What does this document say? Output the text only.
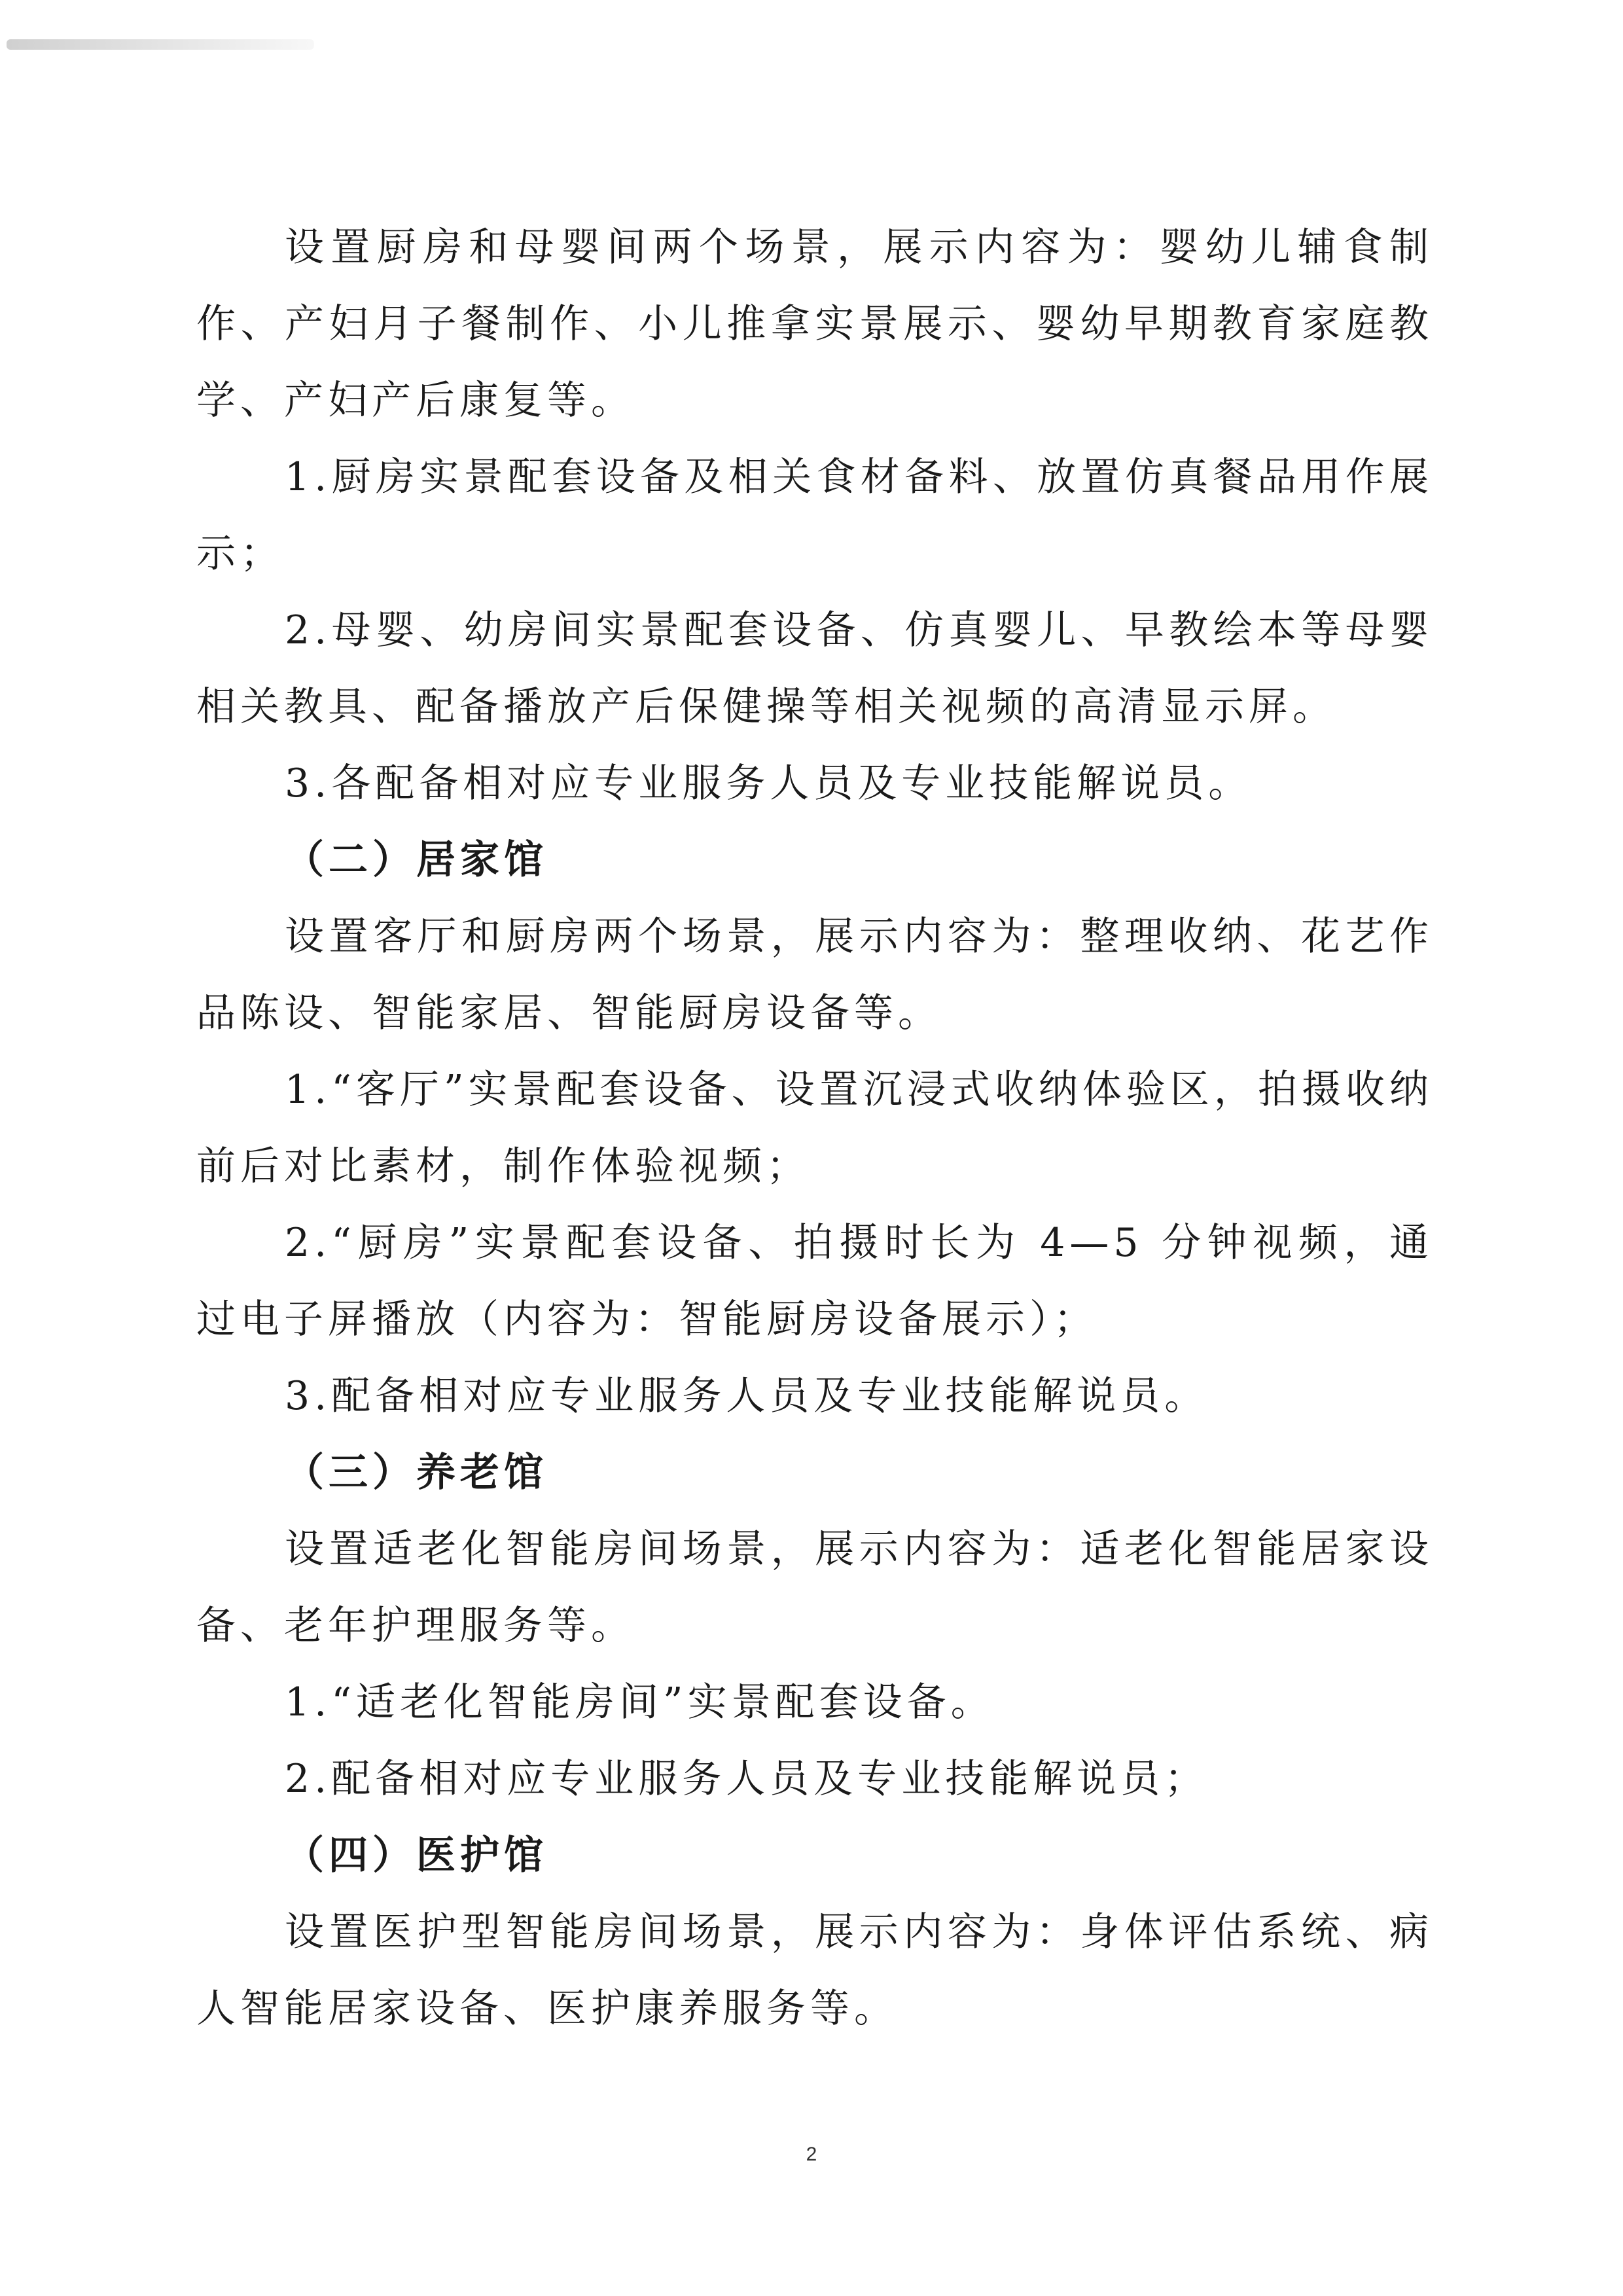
设置厨房和母婴间两个场景，展示内容为：婴幼儿辅食制作、产妇月子餐制作、小儿推拿实景展示、婴幼早期教育家庭教学、产妇产后康复等。

1.厨房实景配套设备及相关食材备料、放置仿真餐品用作展示；

2.母婴、幼房间实景配套设备、仿真婴儿、早教绘本等母婴相关教具、配备播放产后保健操等相关视频的高清显示屏。

3.各配备相对应专业服务人员及专业技能解说员。

（二）居家馆

设置客厅和厨房两个场景，展示内容为：整理收纳、花艺作品陈设、智能家居、智能厨房设备等。

1.“客厅”实景配套设备、设置沉浸式收纳体验区，拍摄收纳前后对比素材，制作体验视频；

2.“厨房”实景配套设备、拍摄时长为 4—5 分钟视频，通过电子屏播放（内容为：智能厨房设备展示）；

3.配备相对应专业服务人员及专业技能解说员。

（三）养老馆

设置适老化智能房间场景，展示内容为：适老化智能居家设备、老年护理服务等。

1.“适老化智能房间”实景配套设备。

2.配备相对应专业服务人员及专业技能解说员；

（四）医护馆

设置医护型智能房间场景，展示内容为：身体评估系统、病人智能居家设备、医护康养服务等。

2
